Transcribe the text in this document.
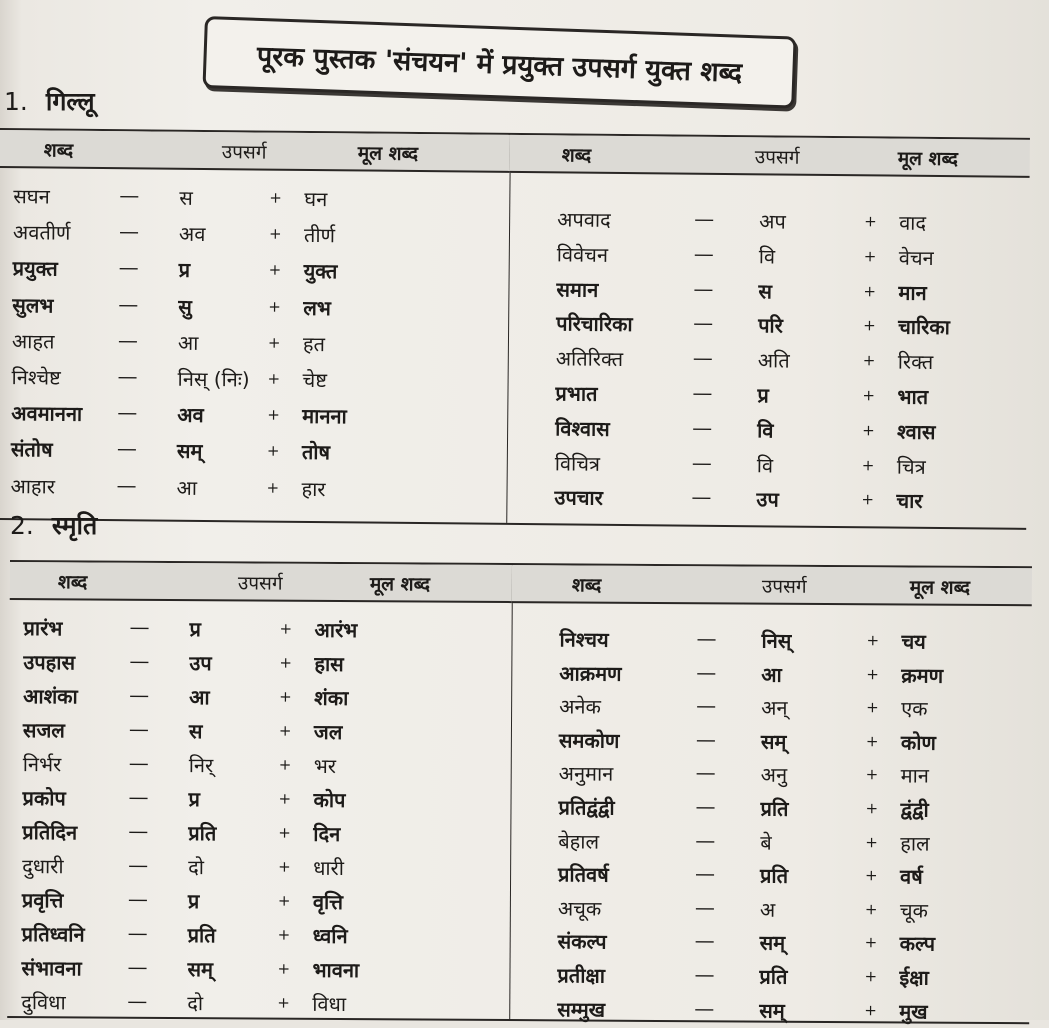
पूरक पुस्तक 'संचयन' में प्रयुक्त उपसर्ग युक्त शब्द
1. गिल्लू
शब्द	उपसर्ग	मूल शब्द
सघन	— स	+ घन
अवतीर्ण — अव	+ तीर्ण
प्रयुक्त	— प्र	+ युक्त
सुलभ	— सु	+ लभ
आहत	— आ	+ हत
निश्चेष्ट	— निस् (निः) + चेष्ट
अवमानना — अव	+ मानना
संतोष	— सम्	+ तोष
आहार	— आ	+ हार
शब्द	उपसर्ग	मूल शब्द
अपवाद	— अप	+ वाद
विवेचन	— वि	+ वेचन
समान	— स	+ मान
परिचारिका	— परि	+ चारिका
अतिरिक्त	— अति	+ रिक्त
प्रभात	— प्र	+ भात
विश्वास	— वि	+ श्वास
विचित्र	— वि	+ चित्र
उपचार	— उप	+ चार
2. स्मृति
शब्द	उपसर्ग	मूल शब्द
प्रारंभ	— प्र	+ आरंभ
उपहास	— उप	+ हास
आशंका	— आ	+ शंका
सजल	— स	+ जल
निर्भर	— निर्	+ भर
प्रकोप	— प्र	+ कोप
प्रतिदिन	— प्रति	+ दिन
दुधारी	— दो	+ धारी
प्रवृत्ति	— प्र	+ वृत्ति
प्रतिध्वनि — प्रति	+ ध्वनि
संभावना — सम्	+ भावना
दुविधा	— दो	+ विधा
शब्द	उपसर्ग	मूल शब्द
निश्चय	— निस्	+ चय
आक्रमण	— आ	+ क्रमण
अनेक	— अन्	+ एक
समकोण	— सम्	+ कोण
अनुमान	— अनु	+ मान
प्रतिद्वंद्वी	— प्रति	+ द्वंद्वी
बेहाल	— बे	+ हाल
प्रतिवर्ष	— प्रति	+ वर्ष
अचूक	— अ	+ चूक
संकल्प	— सम्	+ कल्प
प्रतीक्षा	— प्रति	+ ईक्षा
सम्मुख	— सम्	+ मुख
